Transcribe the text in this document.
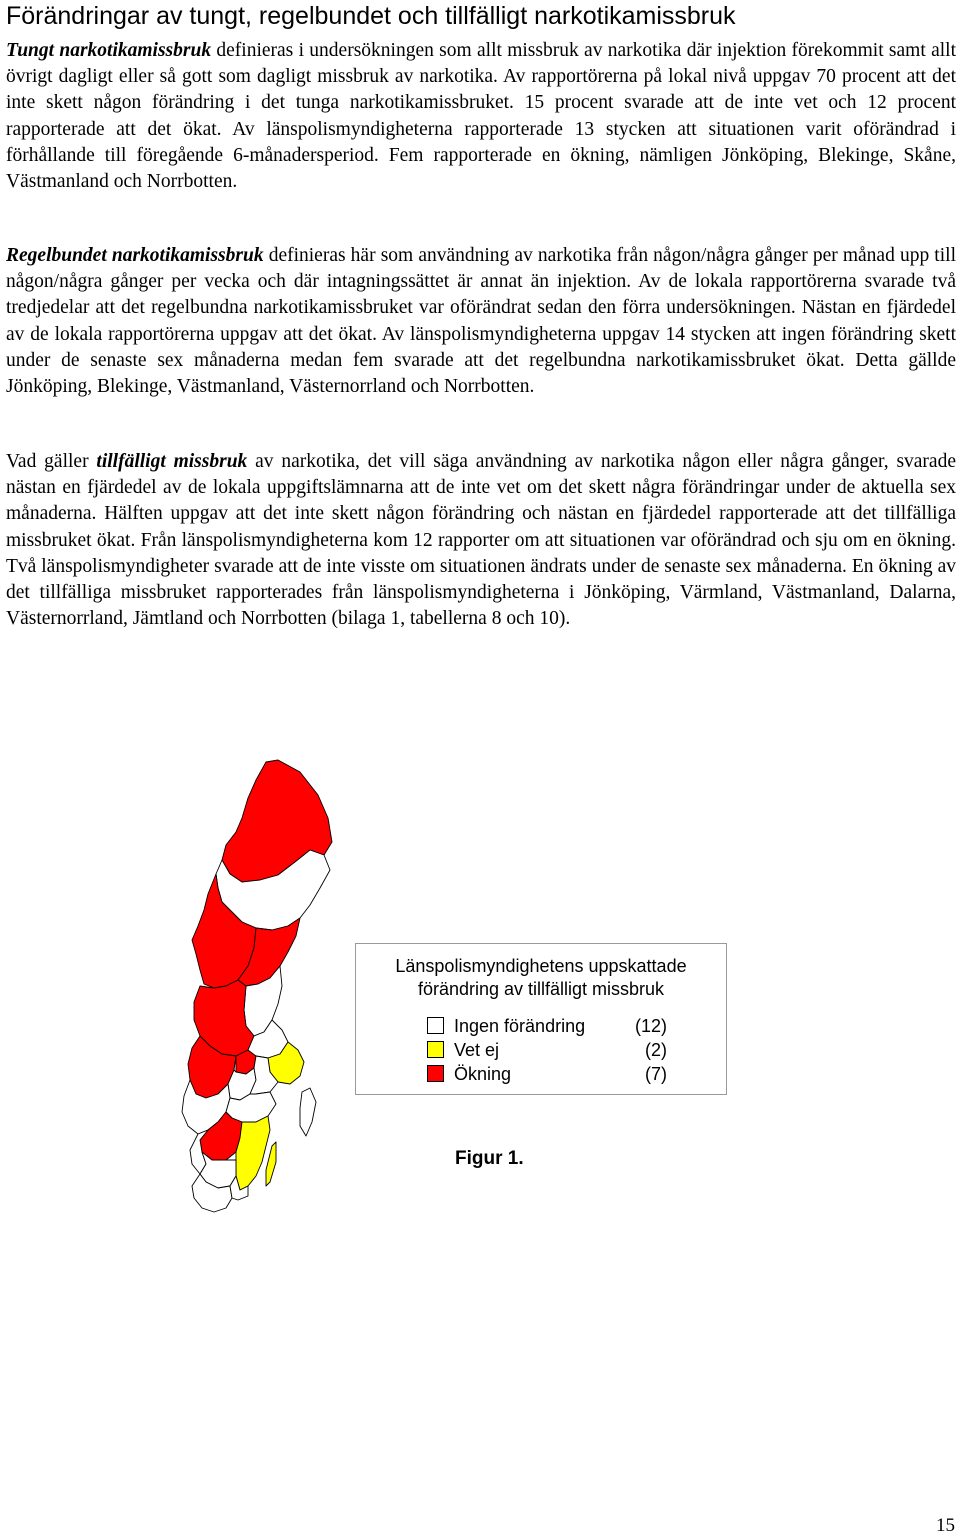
Förändringar av tungt, regelbundet och tillfälligt narkotikamissbruk

Tungt narkotikamissbruk definieras i undersökningen som allt missbruk av narkotika där injektion förekommit samt allt övrigt dagligt eller så gott som dagligt missbruk av narkotika. Av rapportörerna på lokal nivå uppgav 70 procent att det inte skett någon förändring i det tunga narkotikamissbruket. 15 procent svarade att de inte vet och 12 procent rapporterade att det ökat. Av länspolismyndigheterna rapporterade 13 stycken att situationen varit oförändrad i förhållande till föregående 6-månadersperiod. Fem rapporterade en ökning, nämligen Jönköping, Blekinge, Skåne, Västmanland och Norrbotten.

Regelbundet narkotikamissbruk definieras här som användning av narkotika från någon/några gånger per månad upp till någon/några gånger per vecka och där intagningssättet är annat än injektion. Av de lokala rapportörerna svarade två tredjedelar att det regelbundna narkotikamissbruket var oförändrat sedan den förra undersökningen. Nästan en fjärdedel av de lokala rapportörerna uppgav att det ökat. Av länspolismyndigheterna uppgav 14 stycken att ingen förändring skett under de senaste sex månaderna medan fem svarade att det regelbundna narkotikamissbruket ökat. Detta gällde Jönköping, Blekinge, Västmanland, Västernorrland och Norrbotten.

Vad gäller tillfälligt missbruk av narkotika, det vill säga användning av narkotika någon eller några gånger, svarade nästan en fjärdedel av de lokala uppgiftslämnarna att de inte vet om det skett några förändringar under de aktuella sex månaderna. Hälften uppgav att det inte skett någon förändring och nästan en fjärdedel rapporterade att det tillfälliga missbruket ökat. Från länspolismyndigheterna kom 12 rapporter om att situationen var oförändrad och sju om en ökning. Två länspolismyndigheter svarade att de inte visste om situationen ändrats under de senaste sex månaderna. En ökning av det tillfälliga missbruket rapporterades från länspolismyndigheterna i Jönköping, Värmland, Västmanland, Dalarna, Västernorrland, Jämtland och Norrbotten (bilaga 1, tabellerna 8 och 10).

Länspolismyndighetens uppskattade
förändring av tillfälligt missbruk
Ingen förändring	(12)
Vet ej	(2)
Ökning	(7)
Figur 1.
15
